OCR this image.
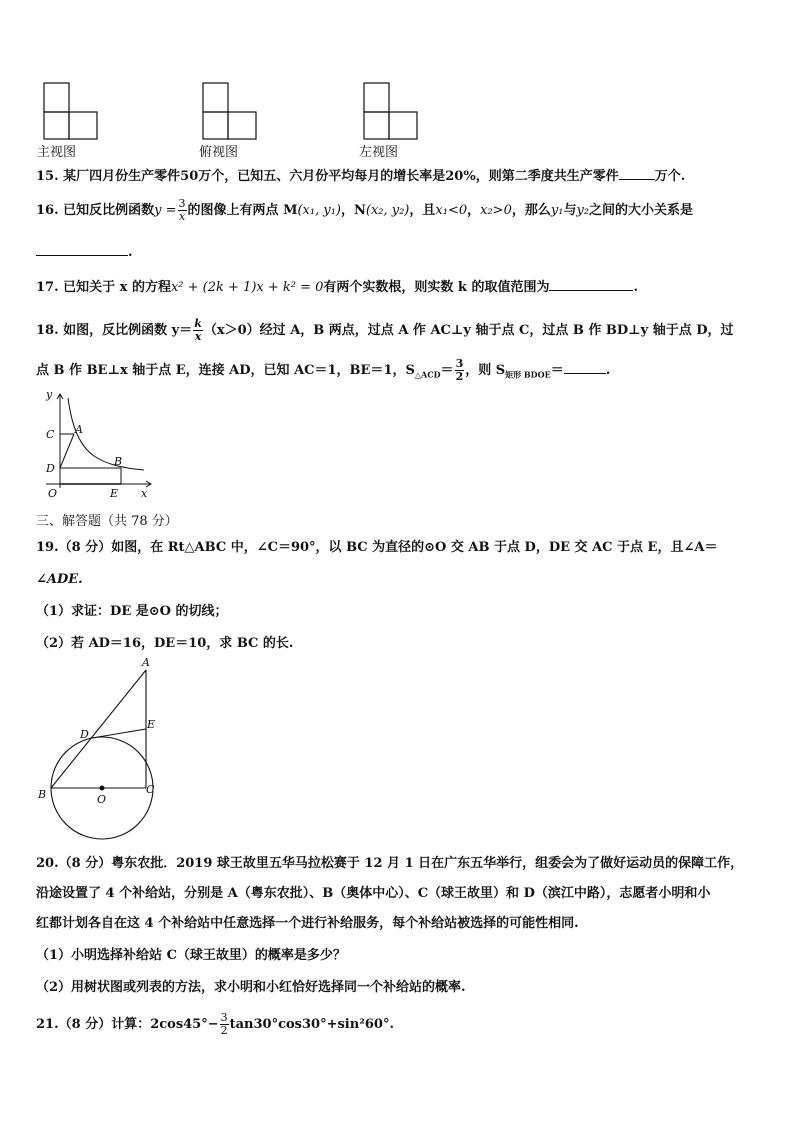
主视图	俯视图	左视图
15. 某厂四月份生产零件50万个，已知五、六月份平均每月的增长率是20%，则第二季度共生产零件	万个.
16. 已知反比例函数$y = \frac{3}{x}$ 的图像上有两点 M(x₁, y₁)，N(x₂, y₂)，且x₁<0，x₂>0，那么y₁与y₂之间的大小关系是
.
17. 已知关于 x 的方程x² + (2k + 1)x + k² = 0有两个实数根，则实数 k 的取值范围为	.
18. 如图，反比例函数 $y= \frac{k}{x} (x>0)$经过 A，B 两点，过点 A 作 AC⊥y 轴于点 C，过点 B 作 BD⊥y 轴于点 D，过
点 B 作 BE⊥x 轴于点 E，连接 AD，已知 AC＝1，BE＝1，$S_{\triangle ACD}= \frac{3}{2}$ ，则 $S_{矩形 BDOE}=$	.
y
x
C A
D
B
O	E
三、解答题（共 78 分）
19.（8 分）如图，在 Rt△ABC 中，∠C＝90°，以 BC 为直径的⊙O 交 AB 于点 D，DE 交 AC 于点 E，且∠A＝
∠ADE.
（1）求证：DE 是⊙O 的切线；
（2）若 AD＝16，DE＝10，求 BC 的长.
A
D
E
B	O
C
20.（8 分）粤东农批．2019 球王故里五华马拉松赛于 12 月 1 日在广东五华举行，组委会为了做好运动员的保障工作，
沿途设置了 4 个补给站，分别是 A（粤东农批）、B（奥体中心）、C（球王故里）和 D（滨江中路），志愿者小明和小
红都计划各自在这 4 个补给站中任意选择一个进行补给服务，每个补给站被选择的可能性相同.
（1）小明选择补给站 C（球王故里）的概率是多少？
（2）用树状图或列表的方法，求小明和小红恰好选择同一个补给站的概率.
21.（8 分）计算：$2\cos 45^\circ- \frac{3}{2} \tan 30^\circ\cos 30^\circ+\sin^260^\circ$.
